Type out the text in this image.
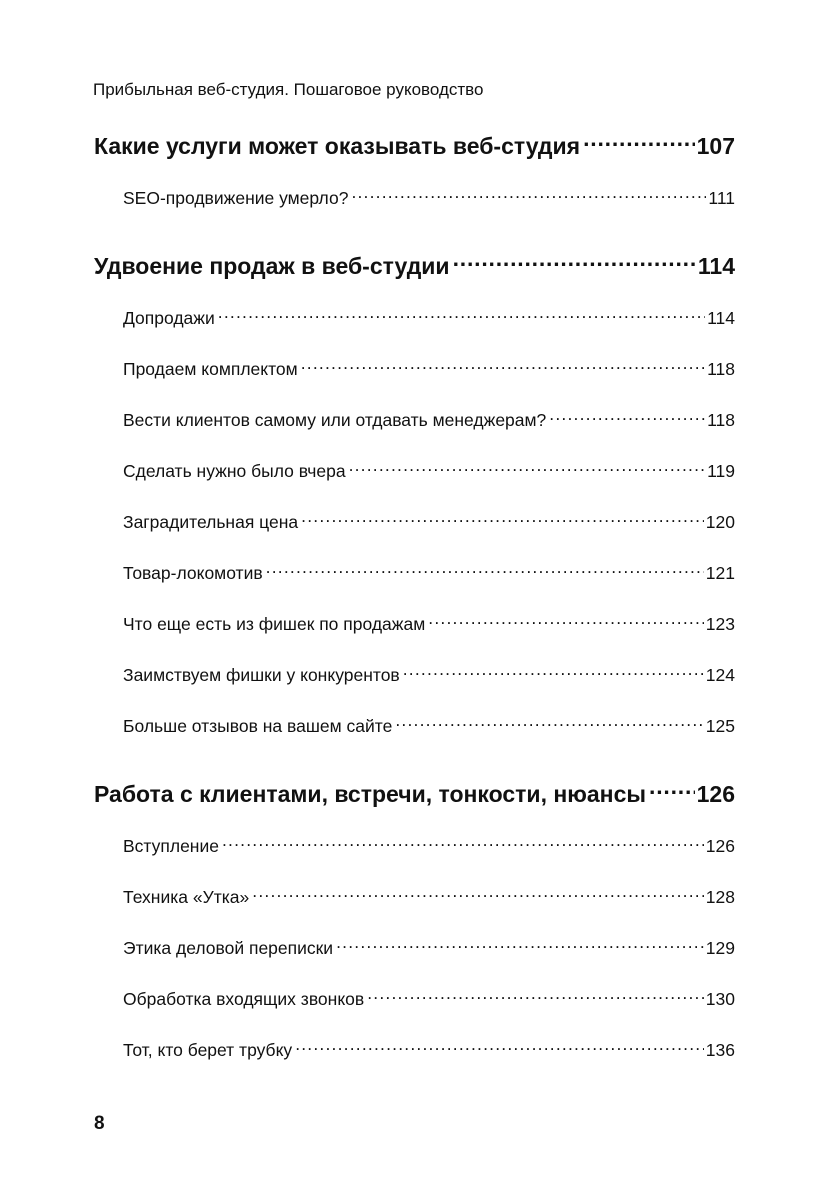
Прибыльная веб-студия. Пошаговое руководство
Какие услуги может оказывать веб-студия .....	107
SEO-продвижение умерло? .....	111
Удвоение продаж в веб-студии .....	114
Допродажи .....	114
Продаем комплектом .....	118
Вести клиентов самому или отдавать менеджерам? .....	118
Сделать нужно было вчера .....	119
Заградительная цена .....	120
Товар-локомотив .....	121
Что еще есть из фишек по продажам .....	123
Заимствуем фишки у конкурентов .....	124
Больше отзывов на вашем сайте .....	125
Работа с клиентами, встречи, тонкости, нюансы ..... 126
Вступление .....	126
Техника «Утка» .....	128
Этика деловой переписки .....	129
Обработка входящих звонков .....	130
Тот, кто берет трубку .....	136
8
